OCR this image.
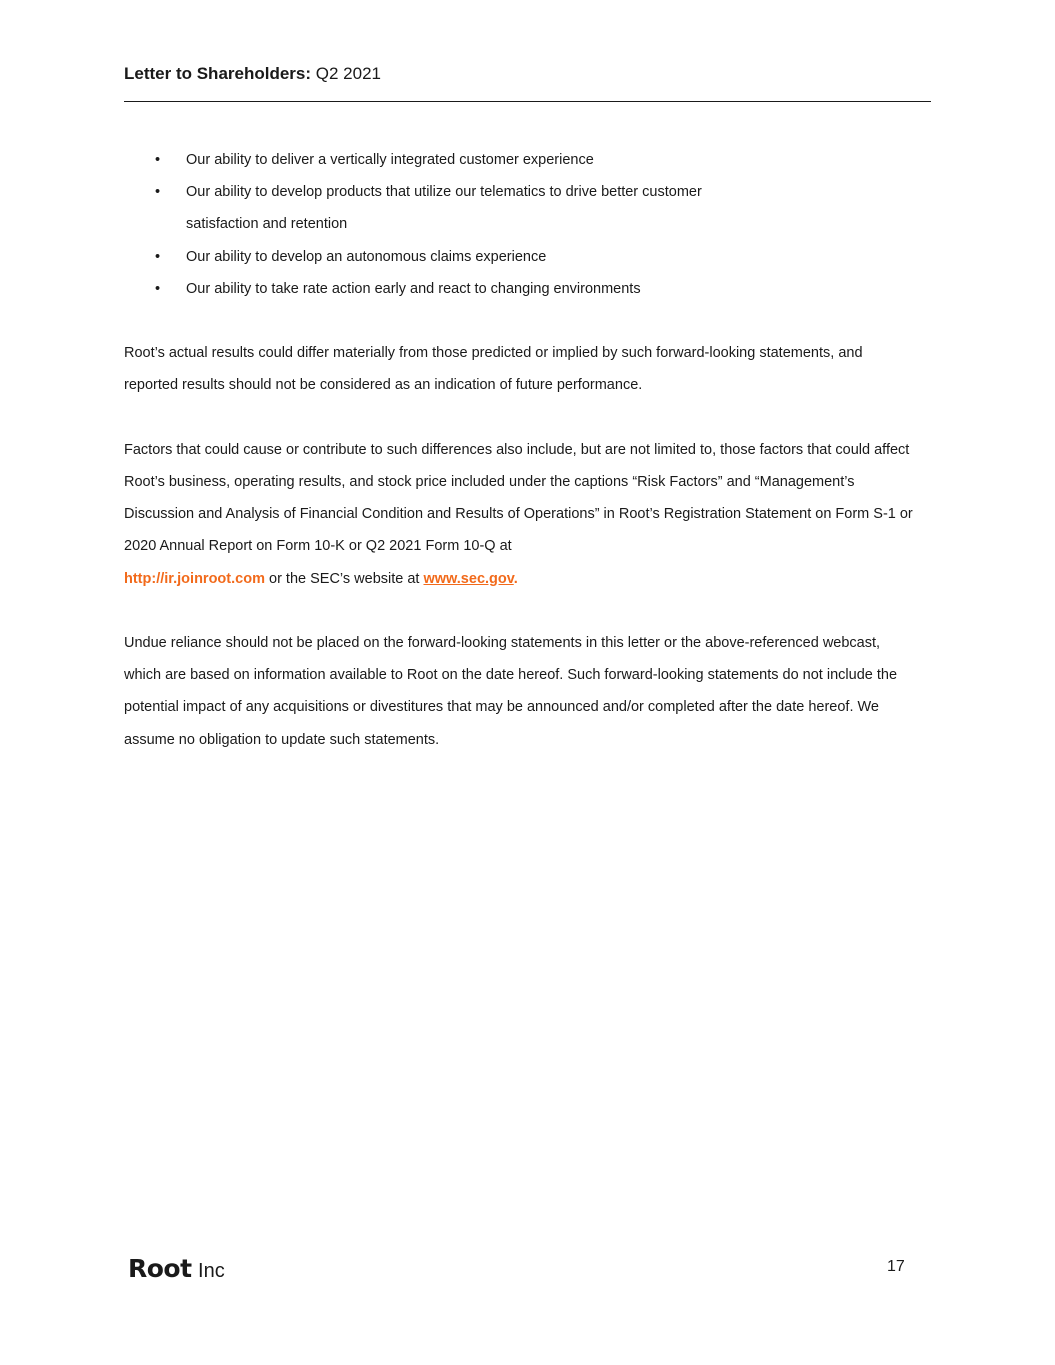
Letter to Shareholders: Q2 2021
• Our ability to deliver a vertically integrated customer experience
• Our ability to develop products that utilize our telematics to drive better customer satisfaction and retention
• Our ability to develop an autonomous claims experience
• Our ability to take rate action early and react to changing environments

Root’s actual results could differ materially from those predicted or implied by such forward-looking statements, and reported results should not be considered as an indication of future performance.

Factors that could cause or contribute to such differences also include, but are not limited to, those factors that could affect Root’s business, operating results, and stock price included under the captions “Risk Factors” and “Management’s Discussion and Analysis of Financial Condition and Results of Operations” in Root’s Registration Statement on Form S-1 or 2020 Annual Report on Form 10-K or Q2 2021 Form 10-Q at
http://ir.joinroot.com or the SEC’s website at www.sec.gov.

Undue reliance should not be placed on the forward-looking statements in this letter or the above-referenced webcast, which are based on information available to Root on the date hereof. Such forward-looking statements do not include the potential impact of any acquisitions or divestitures that may be announced and/or completed after the date hereof. We assume no obligation to update such statements.

Root Inc	17
